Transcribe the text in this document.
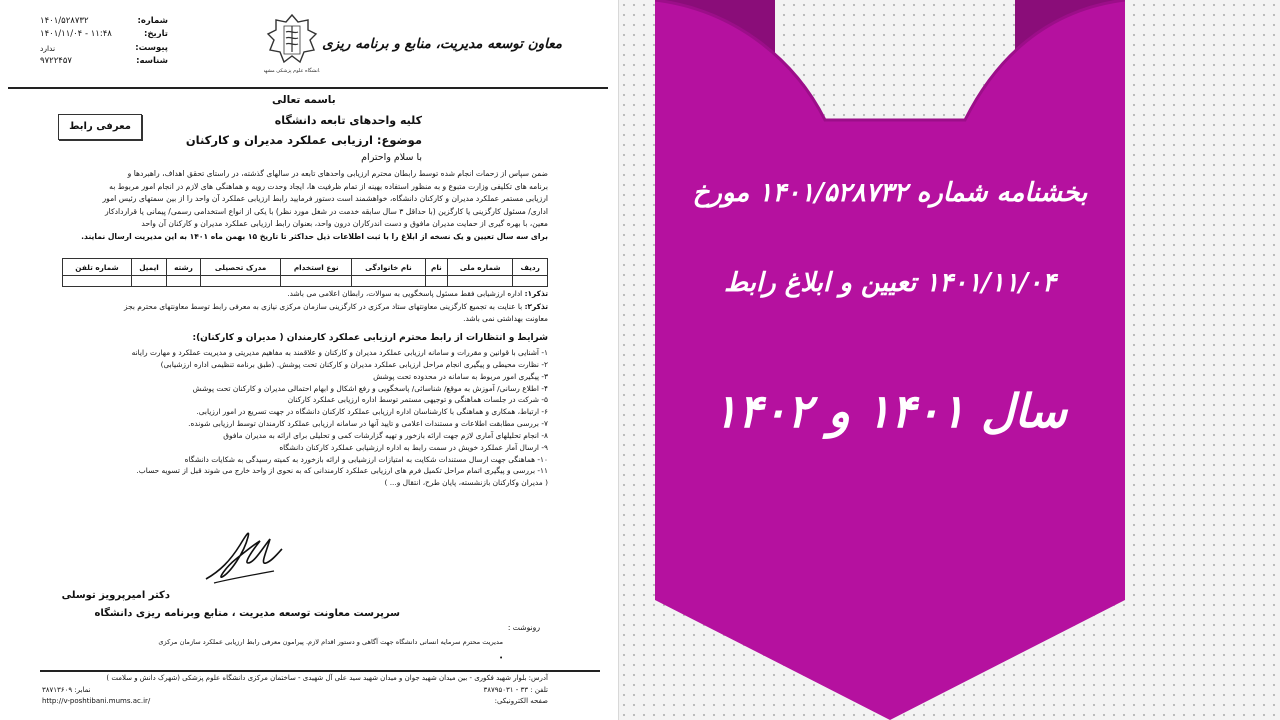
شماره:
۱۴۰۱/۵۲۸۷۳۲
تاریخ:
۱۴۰۱/۱۱/۰۴ - ۱۱:۴۸
پیوست:
ندارد
شناسه:
۹۷۲۲۴۵۷
دانشگاه علوم پزشکی مشهد
معاون توسعه مدیریت، منابع و برنامه ریزی
باسمه تعالی
معرفی رابط	کلیه واحدهای تابعه دانشگاه
موضوع: ارزیابی عملکرد مدیران و کارکنان
با سلام واحترام
ضمن سپاس از زحمات انجام شده توسط رابطان محترم ارزیابی واحدهای تابعه در سالهای گذشته، در راستای تحقق اهداف، راهبردها و
برنامه های تکلیفی وزارت متبوع و به منظور استفاده بهینه از تمام ظرفیت ها، ایجاد وحدت رویه و هماهنگی های لازم در انجام امور مربوط به
ارزیابی مستمر عملکرد مدیران و کارکنان دانشگاه، خواهشمند است دستور فرمایید رابط ارزیابی عملکرد آن واحد را از بین سمتهای رئیس امور
اداری/ مسئول کارگزینی یا کارگزین (با حداقل ۳ سال سابقه خدمت در شغل مورد نظر) با یکی از انواع استخدامی رسمی/ پیمانی یا قراردادکار
معین، با بهره گیری از حمایت مدیران مافوق و دست اندرکاران درون واحد، بعنوان رابط ارزیابی عملکرد مدیران و کارکنان آن واحد
برای سه سال تعیین و یک نسخه از ابلاغ را با ثبت اطلاعات ذیل حداکثر تا تاریخ ۱۵ بهمن ماه ۱۴۰۱ به این مدیریت ارسال نمایند.
ردیف	شماره ملی	نام	نام خانوادگی	نوع استخدام	مدرک تحصیلی	رشته	ایمیل	شماره تلفن

تذکر۱: اداره ارزشیابی فقط مسئول پاسخگویی به سوالات، رابطان اعلامی می باشد.
تذکر۲: با عنایت به تجمیع کارگزینی معاونتهای ستاد مرکزی در کارگزینی سازمان مرکزی نیازی به معرفی رابط توسط معاونتهای محترم بجز
معاونت بهداشتی نمی باشد.
شرایط و انتظارات از رابط محترم ارزیابی عملکرد کارمندان ( مدیران و کارکنان):
۱- آشنایی با قوانین و مقررات و سامانه ارزیابی عملکرد مدیران و کارکنان و علاقمند به مفاهیم مدیریتی و مدیریت عملکرد و مهارت رایانه
۲- نظارت محیطی و پیگیری انجام مراحل ارزیابی عملکرد مدیران و کارکنان تحت پوشش. (طبق برنامه تنظیمی اداره ارزشیابی)
۳- پیگیری امور مربوط به سامانه در محدوده تحت پوشش
۴- اطلاع رسانی/ آموزش به موقع/ شناسائی/ پاسخگویی و رفع اشکال و ابهام احتمالی مدیران و کارکنان تحت پوشش
۵- شرکت در جلسات هماهنگی و توجیهی مستمر توسط اداره ارزیابی عملکرد کارکنان
۶- ارتباط، همکاری و هماهنگی با کارشناسان اداره ارزیابی عملکرد کارکنان دانشگاه در جهت تسریع در امور ارزیابی.
۷- بررسی مطابقت اطلاعات و مستندات اعلامی و تایید آنها در سامانه ارزیابی عملکرد کارمندان توسط ارزیابی شونده.
۸- انجام تحلیلهای آماری لازم جهت ارائه بازخور و تهیه گزارشات کمی و تحلیلی برای ارائه به مدیران مافوق
۹- ارسال آمار عملکرد خویش در سمت رابط به اداره ارزشیابی عملکرد کارکنان دانشگاه
۱۰- هماهنگی جهت ارسال مستندات شکایت به امتیازات ارزشیابی و ارائه بازخورد به کمیته رسیدگی به شکایات دانشگاه
۱۱- بررسی و پیگیری اتمام مراحل تکمیل فرم های ارزیابی عملکرد کارمندانی که به نحوی از واحد خارج می شوند قبل از تسویه حساب.
( مدیران وکارکنان بازنشسته، پایان طرح، انتقال و... )
دکتر امیرپرویز توسلی
سرپرست معاونت توسعه مدیریت ، منابع وبرنامه ریزی دانشگاه
رونوشت :
مدیریت محترم سرمایه انسانی دانشگاه جهت آگاهی و دستور اقدام لازم. پیرامون معرفی رابط ارزیابی عملکرد سازمان مرکزی
•
آدرس: بلوار شهید فکوری - بین میدان شهید جوان و میدان شهید سید علی آل شهیدی - ساختمان مرکزی دانشگاه علوم پزشکی (شهرک دانش و سلامت )
تلفن : ۳۳ - ۳۸۷۹۵۰۳۱
صفحه الکترونیکی:
نمابر: ۳۸۷۱۳۶۰۹
http://v-poshtibani.mums.ac.ir/
بخشنامه شماره ۱۴۰۱/۵۲۸۷۳۲ مورخ
۱۴۰۱/۱۱/۰۴ تعیین و ابلاغ رابط
سال ۱۴۰۱ و ۱۴۰۲
